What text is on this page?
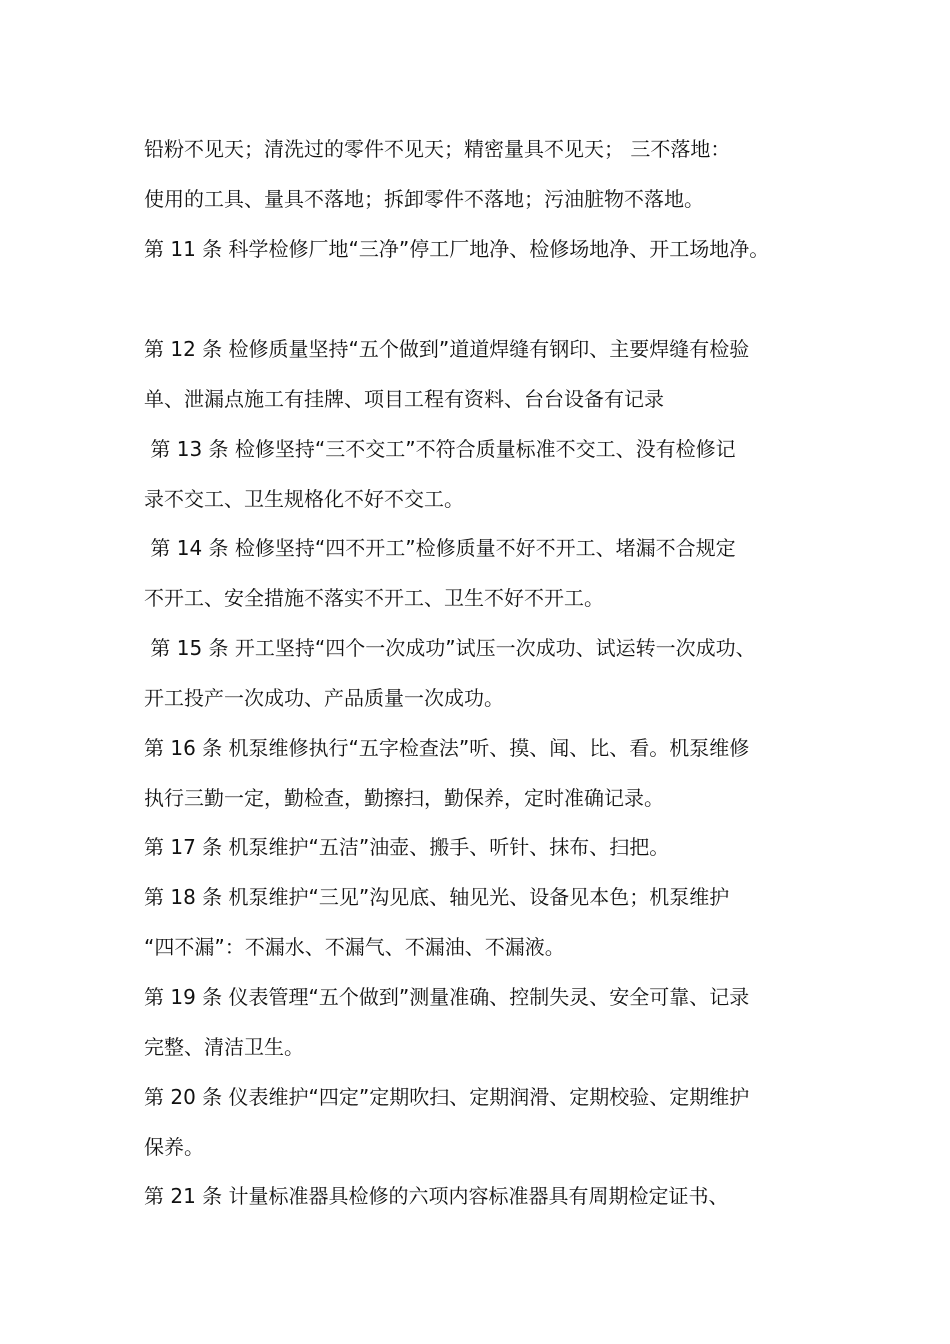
铅粉不见天；清洗过的零件不见天；精密量具不见天； 三不落地：
使用的工具、量具不落地；拆卸零件不落地；污油脏物不落地。
第 11 条 科学检修厂地“三净”停工厂地净、检修场地净、开工场地净。
第 12 条 检修质量坚持“五个做到”道道焊缝有钢印、主要焊缝有检验
单、泄漏点施工有挂牌、项目工程有资料、台台设备有记录
第 13 条 检修坚持“三不交工”不符合质量标准不交工、没有检修记
录不交工、卫生规格化不好不交工。
第 14 条 检修坚持“四不开工”检修质量不好不开工、堵漏不合规定
不开工、安全措施不落实不开工、卫生不好不开工。
第 15 条 开工坚持“四个一次成功”试压一次成功、试运转一次成功、
开工投产一次成功、产品质量一次成功。
第 16 条 机泵维修执行“五字检查法”听、摸、闻、比、看。机泵维修
执行三勤一定，勤检查，勤擦扫，勤保养，定时准确记录。
第 17 条 机泵维护“五洁”油壶、搬手、听针、抹布、扫把。
第 18 条 机泵维护“三见”沟见底、轴见光、设备见本色；机泵维护
“四不漏”：不漏水、不漏气、不漏油、不漏液。
第 19 条 仪表管理“五个做到”测量准确、控制失灵、安全可靠、记录
完整、清洁卫生。
第 20 条 仪表维护“四定”定期吹扫、定期润滑、定期校验、定期维护
保养。
第 21 条 计量标准器具检修的六项内容标准器具有周期检定证书、
